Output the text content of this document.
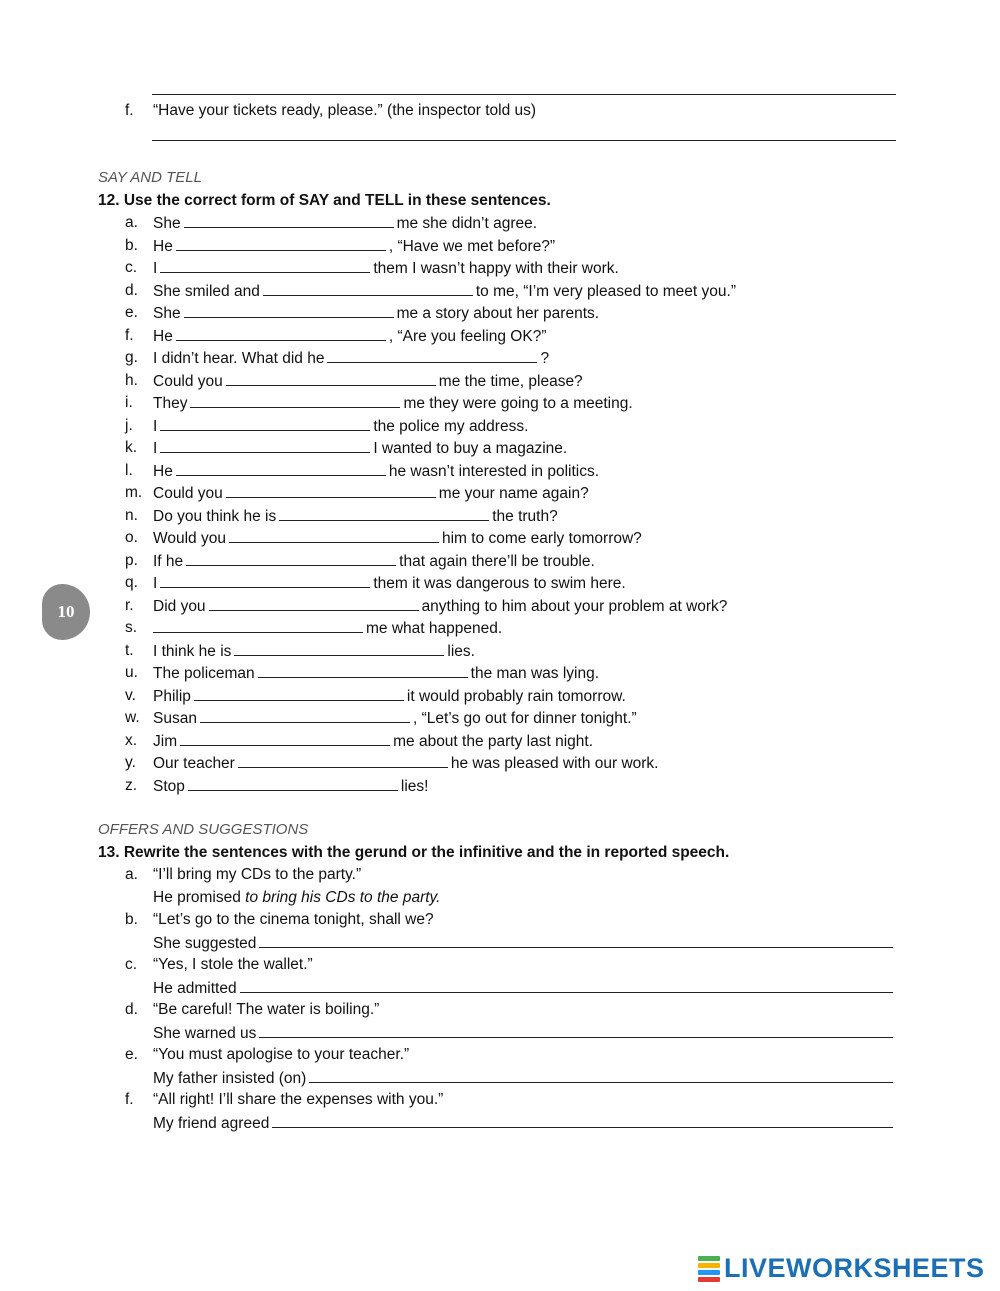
f.	“Have your tickets ready, please.” (the inspector told us)
SAY AND TELL
12. Use the correct form of SAY and TELL in these sentences.
a. She	me she didn’t agree.
b. He	, “Have we met before?”
c.	I	them I wasn’t happy with their work.
d. She smiled and	to me, “I’m very pleased to meet you.”
e. She	me a story about her parents.
f.	He	, “Are you feeling OK?”
g. I didn’t hear. What did he	?
h. Could you	me the time, please?
i.	They	me they were going to a meeting.
j.	I	the police my address.
k.	I	I wanted to buy a magazine.
l.	He	he wasn’t interested in politics.
m. Could you	me your name again?
n. Do you think he is	the truth?
o. Would you	him to come early tomorrow?
p. If he	that again there’ll be trouble.
q. I	them it was dangerous to swim here.
r.	Did you	anything to him about your problem at work?
s.	me what happened.
t.	I think he is	lies.
u. The policeman	the man was lying.
v.	Philip	it would probably rain tomorrow.
w. Susan	, “Let’s go out for dinner tonight.”
x.	Jim	me about the party last night.
y.	Our teacher	he was pleased with our work.
z.	Stop	lies!
OFFERS AND SUGGESTIONS
13. Rewrite the sentences with the gerund or the infinitive and the in reported speech.
a. “I’ll bring my CDs to the party.”
He promised to bring his CDs to the party.
b. “Let’s go to the cinema tonight, shall we?
She suggested
c.	“Yes, I stole the wallet.”
He admitted
d. “Be careful! The water is boiling.”
She warned us
e. “You must apologise to your teacher.”
My father insisted (on)
f.	“All right! I’ll share the expenses with you.”
My friend agreed
10
LIVEWORKSHEETS
